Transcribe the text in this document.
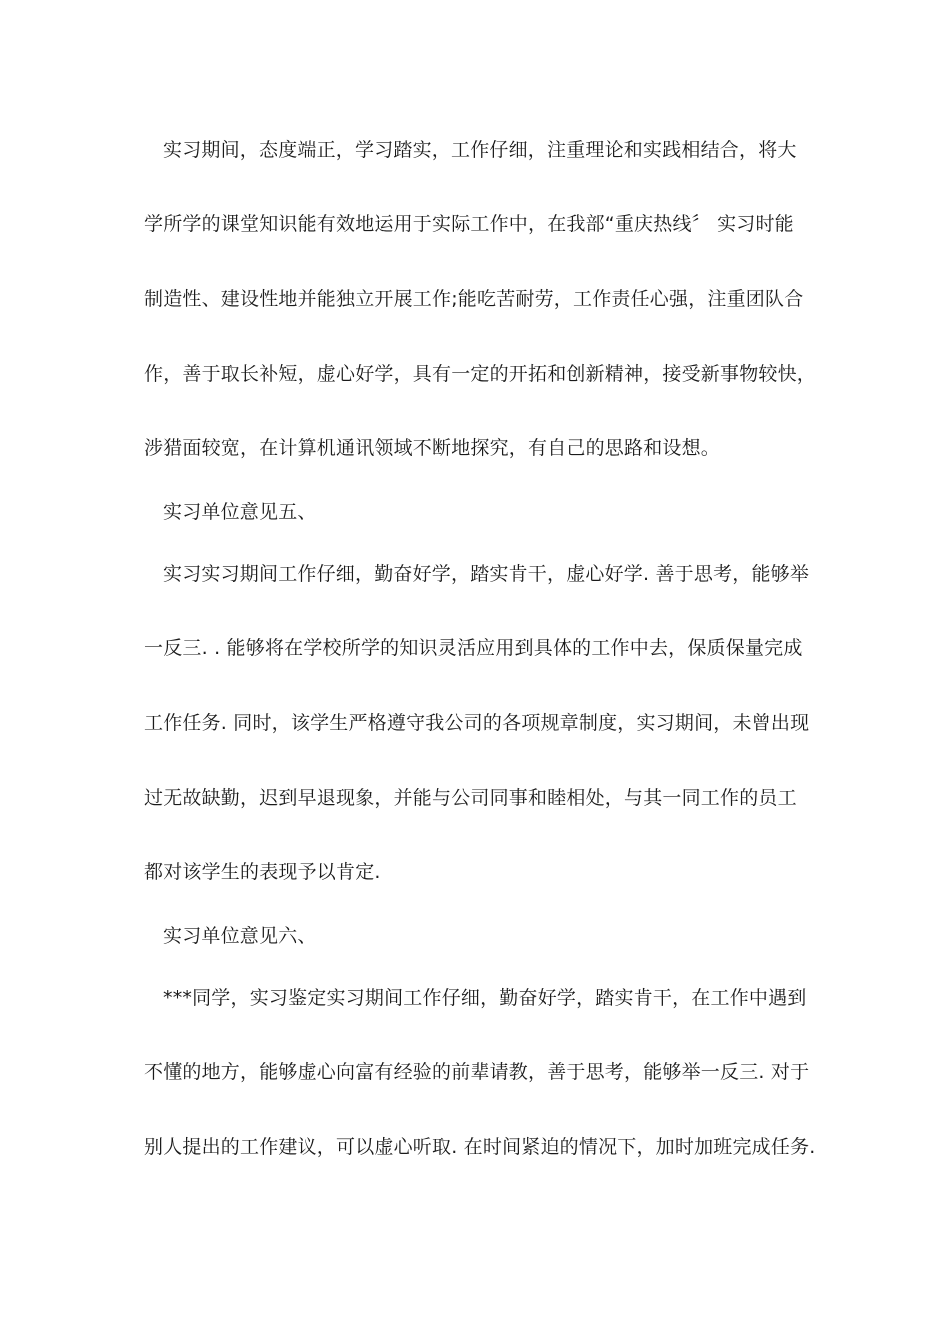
实习期间，态度端正，学习踏实，工作仔细，注重理论和实践相结合，将大
学所学的课堂知识能有效地运用于实际工作中，在我部“重庆热线〞 实习时能
制造性、建设性地并能独立开展工作;能吃苦耐劳，工作责任心强，注重团队合
作，善于取长补短，虚心好学，具有一定的开拓和创新精神，接受新事物较快，
涉猎面较宽，在计算机通讯领域不断地探究，有自己的思路和设想。
实习单位意见五、
实习实习期间工作仔细，勤奋好学，踏实肯干，虚心好学. 善于思考，能够举
一反三. . 能够将在学校所学的知识灵活应用到具体的工作中去，保质保量完成
工作任务. 同时，该学生严格遵守我公司的各项规章制度，实习期间，未曾出现
过无故缺勤，迟到早退现象，并能与公司同事和睦相处，与其一同工作的员工
都对该学生的表现予以肯定.
实习单位意见六、
***同学，实习鉴定实习期间工作仔细，勤奋好学，踏实肯干，在工作中遇到
不懂的地方，能够虚心向富有经验的前辈请教，善于思考，能够举一反三. 对于
别人提出的工作建议，可以虚心听取. 在时间紧迫的情况下，加时加班完成任务.
